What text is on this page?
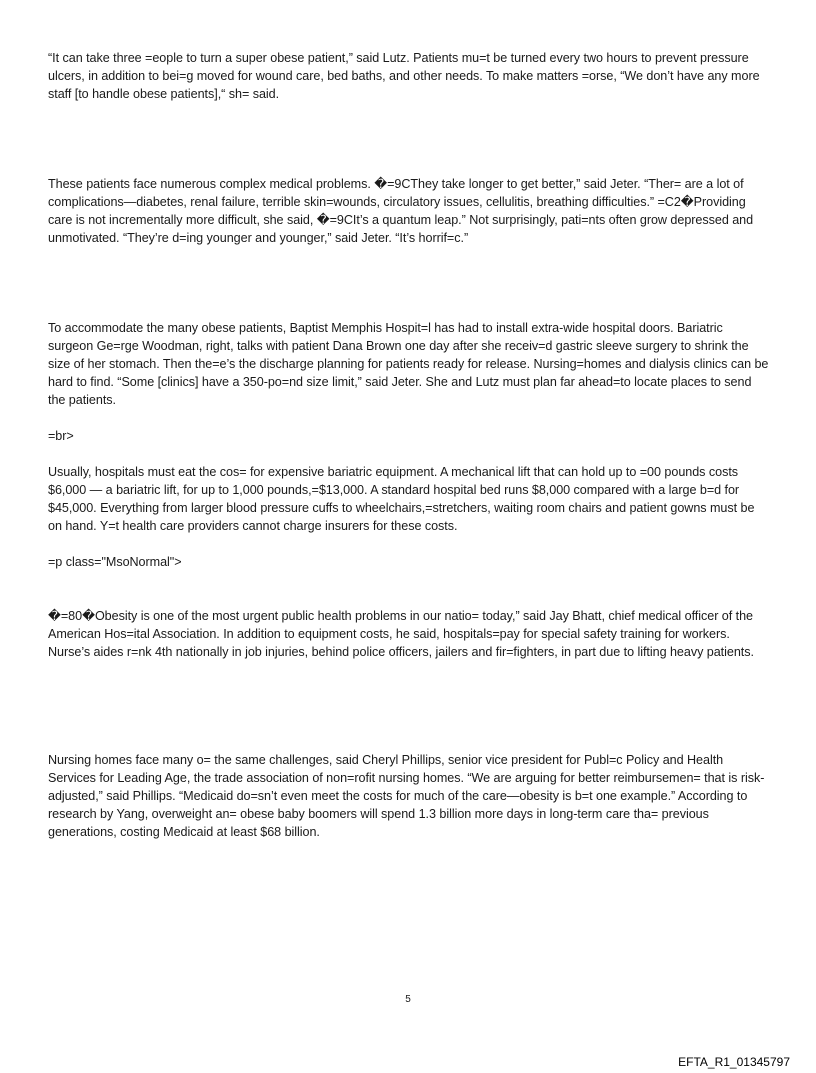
“It can take three =eople to turn a super obese patient,” said Lutz. Patients mu=t be turned every two hours to prevent pressure ulcers, in addition to bei=g moved for wound care, bed baths, and other needs. To make matters =orse, “We don’t have any more staff [to handle obese patients],“ sh= said.

These patients face numerous complex medical problems. �=9CThey take longer to get better,” said Jeter. “Ther= are a lot of complications—diabetes, renal failure, terrible skin=wounds, circulatory issues, cellulitis, breathing difficulties.” =C2�Providing care is not incrementally more difficult, she said, �=9CIt’s a quantum leap.” Not surprisingly, pati=nts often grow depressed and unmotivated. “They’re d=ing younger and younger,” said Jeter. “It’s horrif=c.”

To accommodate the many obese patients, Baptist Memphis Hospit=l has had to install extra-wide hospital doors. Bariatric surgeon Ge=rge Woodman, right, talks with patient Dana Brown one day after she receiv=d gastric sleeve surgery to shrink the size of her stomach. Then the=e’s the discharge planning for patients ready for release. Nursing=homes and dialysis clinics can be hard to find. “Some [clinics] have a 350-po=nd size limit,” said Jeter. She and Lutz must plan far ahead=to locate places to send the patients.

=br>

Usually, hospitals must eat the cos= for expensive bariatric equipment. A mechanical lift that can hold up to =00 pounds costs $6,000 — a bariatric lift, for up to 1,000 pounds,=$13,000. A standard hospital bed runs $8,000 compared with a large b=d for $45,000. Everything from larger blood pressure cuffs to wheelchairs,=stretchers, waiting room chairs and patient gowns must be on hand. Y=t health care providers cannot charge insurers for these costs.

=p class="MsoNormal">

�=80�Obesity is one of the most urgent public health problems in our natio= today,” said Jay Bhatt, chief medical officer of the American Hos=ital Association. In addition to equipment costs, he said, hospitals=pay for special safety training for workers. Nurse’s aides r=nk 4th nationally in job injuries, behind police officers, jailers and fir=fighters, in part due to lifting heavy patients.

Nursing homes face many o= the same challenges, said Cheryl Phillips, senior vice president for Publ=c Policy and Health Services for Leading Age, the trade association of non=rofit nursing homes. “We are arguing for better reimbursemen= that is risk-adjusted,” said Phillips. “Medicaid do=sn’t even meet the costs for much of the care—obesity is b=t one example.” According to research by Yang, overweight an= obese baby boomers will spend 1.3 billion more days in long-term care tha= previous generations, costing Medicaid at least $68 billion.

5

EFTA_R1_01345797
